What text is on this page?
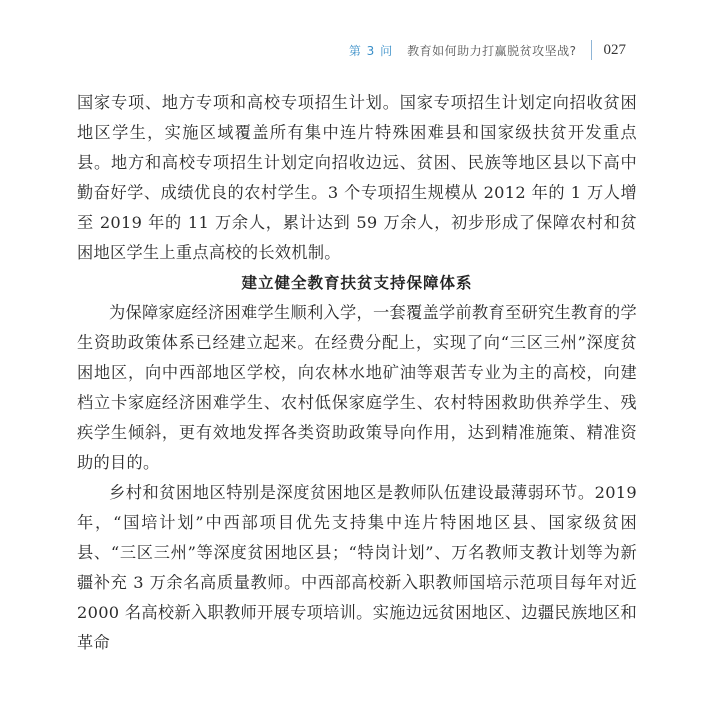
第 3 问 教育如何助力打赢脱贫攻坚战? 027

国家专项、地方专项和高校专项招生计划。国家专项招生计划定向招收贫困地区学生，实施区域覆盖所有集中连片特殊困难县和国家级扶贫开发重点县。地方和高校专项招生计划定向招收边远、贫困、民族等地区县以下高中勤奋好学、成绩优良的农村学生。3 个专项招生规模从 2012 年的 1 万人增至 2019 年的 11 万余人，累计达到 59 万余人，初步形成了保障农村和贫困地区学生上重点高校的长效机制。

建立健全教育扶贫支持保障体系

为保障家庭经济困难学生顺利入学，一套覆盖学前教育至研究生教育的学生资助政策体系已经建立起来。在经费分配上，实现了向“三区三州”深度贫困地区，向中西部地区学校，向农林水地矿油等艰苦专业为主的高校，向建档立卡家庭经济困难学生、农村低保家庭学生、农村特困救助供养学生、残疾学生倾斜，更有效地发挥各类资助政策导向作用，达到精准施策、精准资助的目的。

乡村和贫困地区特别是深度贫困地区是教师队伍建设最薄弱环节。2019 年，“国培计划”中西部项目优先支持集中连片特困地区县、国家级贫困县、“三区三州”等深度贫困地区县；“特岗计划”、万名教师支教计划等为新疆补充 3 万余名高质量教师。中西部高校新入职教师国培示范项目每年对近 2000 名高校新入职教师开展专项培训。实施边远贫困地区、边疆民族地区和革命
